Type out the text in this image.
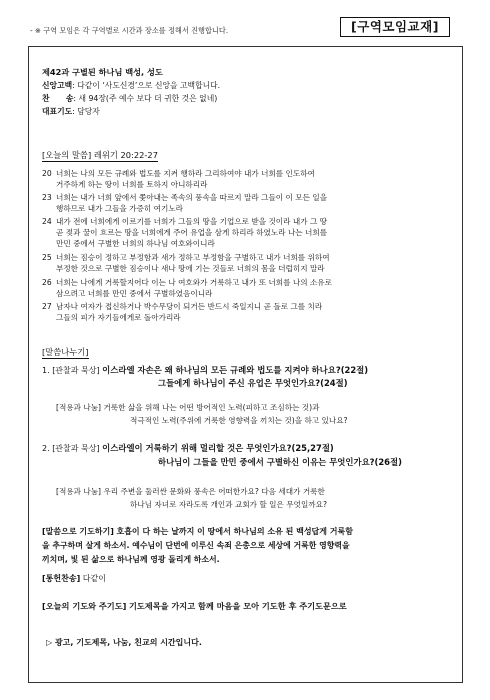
- ※ 구역 모임은 각 구역별로 시간과 장소를 정해서 진행합니다.	[구역모임교재]
제42과 구별된 하나님 백성, 성도
신앙고백: 다같이 ‘사도신경’으로 신앙을 고백합니다.
찬      송: 새 94장(주 예수 보다 더 귀한 것은 없네)
대표기도: 담당자
[오늘의 말씀] 레위기 20:22-27
20 너희는 나의 모든 규례와 법도를 지켜 행하라 그리하여야 내가 너희를 인도하여
거주하게 하는 땅이 너희를 토하지 아니하리라
23 너희는 내가 너희 앞에서 쫓아내는 족속의 풍속을 따르지 말라 그들이 이 모든 일을
행하므로 내가 그들을 가증히 여기노라
24 내가 전에 너희에게 이르기를 너희가 그들의 땅을 기업으로 받을 것이라 내가 그 땅
곧 젖과 꿀이 흐르는 땅을 너희에게 주어 유업을 삼게 하리라 하였노라 나는 너희를
만민 중에서 구별한 너희의 하나님 여호와이니라
25 너희는 짐승이 정하고 부정함과 새가 정하고 부정함을 구별하고 내가 너희를 위하여
부정한 것으로 구별한 짐승이나 새나 땅에 기는 것들로 너희의 몸을 더럽히지 말라
26 너희는 나에게 거룩할지어다 이는 나 여호와가 거룩하고 내가 또 너희를 나의 소유로
삼으려고 너희를 만민 중에서 구별하였음이니라
27 남자나 여자가 접신하거나 박수무당이 되거든 반드시 죽일지니 곧 돌로 그를 치라
그들의 피가 자기들에게로 돌아가리라
[말씀나누기]
1. [관찰과 묵상] 이스라엘 자손은 왜 하나님의 모든 규례와 법도를 지켜야 하나요?(22절)
그들에게 하나님이 주신 유업은 무엇인가요?(24절)
[적용과 나눔] 거룩한 삶을 위해 나는 어떤 방어적인 노력(피하고 조심하는 것)과
적극적인 노력(주위에 거룩한 영향력을 끼치는 것)을 하고 있나요?
2. [관찰과 묵상] 이스라엘이 거룩하기 위해 멀리할 것은 무엇인가요?(25,27절)
하나님이 그들을 만민 중에서 구별하신 이유는 무엇인가요?(26절)
[적용과 나눔] 우리 주변을 둘러싼 문화와 풍속은 어떠한가요? 다음 세대가 거룩한
하나님 자녀로 자라도록 개인과 교회가 할 일은 무엇일까요?
[말씀으로 기도하기] 호흡이 다 하는 날까지 이 땅에서 하나님의 소유 된 백성답게 거룩함
을 추구하며 살게 하소서. 예수님이 단번에 이루신 속죄 은총으로 세상에 거룩한 영향력을
끼치며, 빛 된 삶으로 하나님께 영광 돌리게 하소서.
[통헌찬송] 다같이
[오늘의 기도와 주기도] 기도제목을 가지고 함께 마음을 모아 기도한 후 주기도문으로
▷ 광고, 기도제목, 나눔, 친교의 시간입니다.
